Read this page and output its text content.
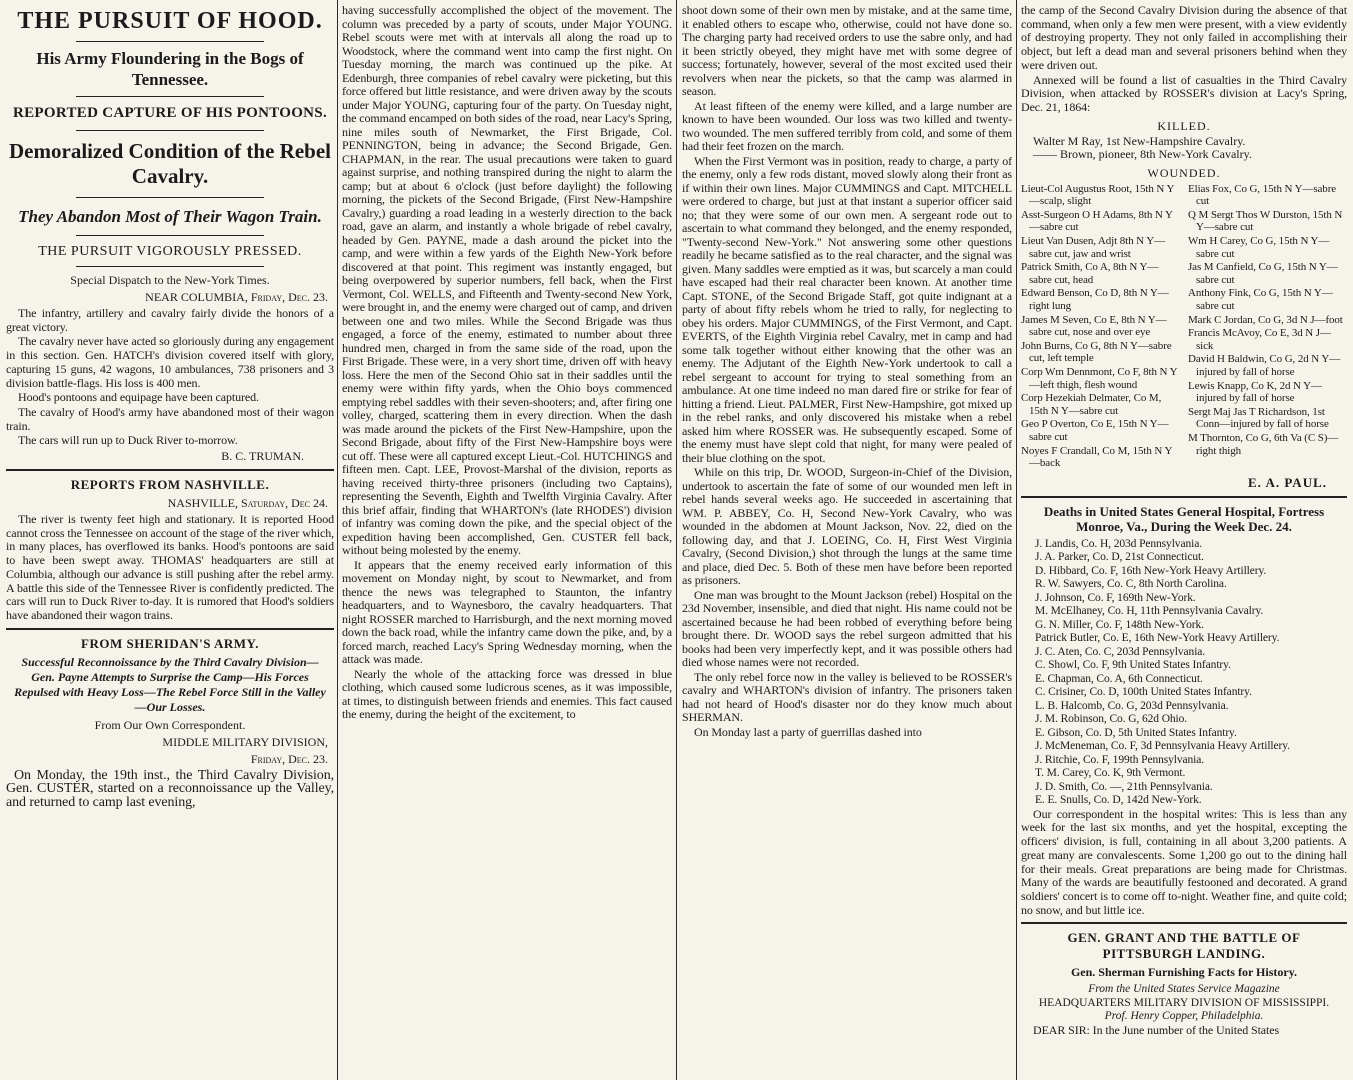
THE PURSUIT OF HOOD.
His Army Floundering in the Bogs of Tennessee.
REPORTED CAPTURE OF HIS PONTOONS.
Demoralized Condition of the Rebel Cavalry.
They Abandon Most of Their Wagon Train.
THE PURSUIT VIGOROUSLY PRESSED.
Special Dispatch to the New-York Times.
NEAR COLUMBIA, Friday, Dec. 23.

The infantry, artillery and cavalry fairly divide the honors of a great victory.

The cavalry never have acted so gloriously during any engagement in this section. Gen. HATCH's division covered itself with glory, capturing 15 guns, 42 wagons, 10 ambulances, 738 prisoners and 3 division battle-flags. His loss is 400 men.

Hood's pontoons and equipage have been captured.

The cavalry of Hood's army have abandoned most of their wagon train.

The cars will run up to Duck River to-morrow.

B. C. TRUMAN.
REPORTS FROM NASHVILLE.
NASHVILLE, Saturday, Dec 24.

The river is twenty feet high and stationary. It is reported Hood cannot cross the Tennessee on account of the stage of the river which, in many places, has overflowed its banks. Hood's pontoons are said to have been swept away. THOMAS' headquarters are still at Columbia, although our advance is still pushing after the rebel army. A battle this side of the Tennessee River is confidently predicted. The cars will run to Duck River to-day. It is rumored that Hood's soldiers have abandoned their wagon trains.

FROM SHERIDAN'S ARMY.
Successful Reconnoissance by the Third Cavalry Division—Gen. Payne Attempts to Surprise the Camp—His Forces Repulsed with Heavy Loss—The Rebel Force Still in the Valley—Our Losses.
From Our Own Correspondent.
MIDDLE MILITARY DIVISION,
Friday, Dec. 23.

On Monday, the 19th inst., the Third Cavalry Division, Gen. CUSTER, started on a reconnoissance up the Valley, and returned to camp last evening,

having successfully accomplished the object of the movement. The column was preceded by a party of scouts, under Major YOUNG. Rebel scouts were met with at intervals all along the road up to Woodstock, where the command went into camp the first night. On Tuesday morning, the march was continued up the pike. At Edenburgh, three companies of rebel cavalry were picketing, but this force offered but little resistance, and were driven away by the scouts under Major YOUNG, capturing four of the party. On Tuesday night, the command encamped on both sides of the road, near Lacy's Spring, nine miles south of Newmarket, the First Brigade, Col. PENNINGTON, being in advance; the Second Brigade, Gen. CHAPMAN, in the rear. The usual precautions were taken to guard against surprise, and nothing transpired during the night to alarm the camp; but at about 6 o'clock (just before daylight) the following morning, the pickets of the Second Brigade, (First New-Hampshire Cavalry,) guarding a road leading in a westerly direction to the back road, gave an alarm, and instantly a whole brigade of rebel cavalry, headed by Gen. PAYNE, made a dash around the picket into the camp, and were within a few yards of the Eighth New-York before discovered at that point. This regiment was instantly engaged, but being overpowered by superior numbers, fell back, when the First Vermont, Col. WELLS, and Fifteenth and Twenty-second New York, were brought in, and the enemy were charged out of camp, and driven between one and two miles. While the Second Brigade was thus engaged, a force of the enemy, estimated to number about three hundred men, charged in from the same side of the road, upon the First Brigade. These were, in a very short time, driven off with heavy loss. Here the men of the Second Ohio sat in their saddles until the enemy were within fifty yards, when the Ohio boys commenced emptying rebel saddles with their seven-shooters; and, after firing one volley, charged, scattering them in every direction. When the dash was made around the pickets of the First New-Hampshire, upon the Second Brigade, about fifty of the First New-Hampshire boys were cut off. These were all captured except Lieut.-Col. HUTCHINGS and fifteen men. Capt. LEE, Provost-Marshal of the division, reports as having received thirty-three prisoners (including two Captains), representing the Seventh, Eighth and Twelfth Virginia Cavalry. After this brief affair, finding that WHARTON's (late RHODES') division of infantry was coming down the pike, and the special object of the expedition having been accomplished, Gen. CUSTER fell back, without being molested by the enemy.

It appears that the enemy received early information of this movement on Monday night, by scout to Newmarket, and from thence the news was telegraphed to Staunton, the infantry headquarters, and to Waynesboro, the cavalry headquarters. That night ROSSER marched to Harrisburgh, and the next morning moved down the back road, while the infantry came down the pike, and, by a forced march, reached Lacy's Spring Wednesday morning, when the attack was made.

Nearly the whole of the attacking force was dressed in blue clothing, which caused some ludicrous scenes, as it was impossible, at times, to distinguish between friends and enemies. This fact caused the enemy, during the height of the excitement, to

shoot down some of their own men by mistake, and at the same time, it enabled others to escape who, otherwise, could not have done so. The charging party had received orders to use the sabre only, and had it been strictly obeyed, they might have met with some degree of success; fortunately, however, several of the most excited used their revolvers when near the pickets, so that the camp was alarmed in season.

At least fifteen of the enemy were killed, and a large number are known to have been wounded. Our loss was two killed and twenty-two wounded. The men suffered terribly from cold, and some of them had their feet frozen on the march.

When the First Vermont was in position, ready to charge, a party of the enemy, only a few rods distant, moved slowly along their front as if within their own lines. Major CUMMINGS and Capt. MITCHELL were ordered to charge, but just at that instant a superior officer said no; that they were some of our own men. A sergeant rode out to ascertain to what command they belonged, and the enemy responded, "Twenty-second New-York." Not answering some other questions readily he became satisfied as to the real character, and the signal was given. Many saddles were emptied as it was, but scarcely a man could have escaped had their real character been known. At another time Capt. STONE, of the Second Brigade Staff, got quite indignant at a party of about fifty rebels whom he tried to rally, for neglecting to obey his orders. Major CUMMINGS, of the First Vermont, and Capt. EVERTS, of the Eighth Virginia rebel Cavalry, met in camp and had some talk together without either knowing that the other was an enemy. The Adjutant of the Eighth New-York undertook to call a rebel sergeant to account for trying to steal something from an ambulance. At one time indeed no man dared fire or strike for fear of hitting a friend. Lieut. PALMER, First New-Hampshire, got mixed up in the rebel ranks, and only discovered his mistake when a rebel asked him where ROSSER was. He subsequently escaped. Some of the enemy must have slept cold that night, for many were pealed of their blue clothing on the spot.

While on this trip, Dr. WOOD, Surgeon-in-Chief of the Division, undertook to ascertain the fate of some of our wounded men left in rebel hands several weeks ago. He succeeded in ascertaining that WM. P. ABBEY, Co. H, Second New-York Cavalry, who was wounded in the abdomen at Mount Jackson, Nov. 22, died on the following day, and that J. LOEING, Co. H, First West Virginia Cavalry, (Second Division,) shot through the lungs at the same time and place, died Dec. 5. Both of these men have before been reported as prisoners.

One man was brought to the Mount Jackson (rebel) Hospital on the 23d November, insensible, and died that night. His name could not be ascertained because he had been robbed of everything before being brought there. Dr. WOOD says the rebel surgeon admitted that his books had been very imperfectly kept, and it was possible others had died whose names were not recorded.

The only rebel force now in the valley is believed to be ROSSER's cavalry and WHARTON's division of infantry. The prisoners taken had not heard of Hood's disaster nor do they know much about SHERMAN.

On Monday last a party of guerrillas dashed into

the camp of the Second Cavalry Division during the absence of that command, when only a few men were present, with a view evidently of destroying property. They not only failed in accomplishing their object, but left a dead man and several prisoners behind when they were driven out.

Annexed will be found a list of casualties in the Third Cavalry Division, when attacked by ROSSER's division at Lacy's Spring, Dec. 21, 1864:

KILLED.
Walter M Ray, 1st New-Hampshire Cavalry.
—— Brown, pioneer, 8th New-York Cavalry.
WOUNDED.

Lieut-Col Augustus Root, 15th N Y—scalp, slight

Asst-Surgeon O H Adams, 8th N Y—sabre cut

Lieut Van Dusen, Adjt 8th N Y—sabre cut, jaw and wrist

Patrick Smith, Co A, 8th N Y—sabre cut, head

Edward Benson, Co D, 8th N Y—right lung

James M Seven, Co E, 8th N Y—sabre cut, nose and over eye

John Burns, Co G, 8th N Y—sabre cut, left temple

Corp Wm Dennmont, Co F, 8th N Y—left thigh, flesh wound

Corp Hezekiah Delmater, Co M, 15th N Y—sabre cut

Geo P Overton, Co E, 15th N Y—sabre cut

Noyes F Crandall, Co M, 15th N Y—back

Elias Fox, Co G, 15th N Y—sabre cut

Q M Sergt Thos W Durston, 15th N Y—sabre cut

Wm H Carey, Co G, 15th N Y—sabre cut

Jas M Canfield, Co G, 15th N Y—sabre cut

Anthony Fink, Co G, 15th N Y—sabre cut

Mark C Jordan, Co G, 3d N J—foot

Francis McAvoy, Co E, 3d N J—sick

David H Baldwin, Co G, 2d N Y—injured by fall of horse

Lewis Knapp, Co K, 2d N Y—injured by fall of horse

Sergt Maj Jas T Richardson, 1st Conn—injured by fall of horse

M Thornton, Co G, 6th Va (C S)—right thigh

E. A. PAUL.
Deaths in United States General Hospital, Fortress Monroe, Va., During the Week Dec. 24.

J. Landis, Co. H, 203d Pennsylvania.

J. A. Parker, Co. D, 21st Connecticut.

D. Hibbard, Co. F, 16th New-York Heavy Artillery.

R. W. Sawyers, Co. C, 8th North Carolina.

J. Johnson, Co. F, 169th New-York.

M. McElhaney, Co. H, 11th Pennsylvania Cavalry.

G. N. Miller, Co. F, 148th New-York.

Patrick Butler, Co. E, 16th New-York Heavy Artillery.

J. C. Aten, Co. C, 203d Pennsylvania.

C. Showl, Co. F, 9th United States Infantry.

E. Chapman, Co. A, 6th Connecticut.

C. Crisiner, Co. D, 100th United States Infantry.

L. B. Halcomb, Co. G, 203d Pennsylvania.

J. M. Robinson, Co. G, 62d Ohio.

E. Gibson, Co. D, 5th United States Infantry.

J. McMeneman, Co. F, 3d Pennsylvania Heavy Artillery.

J. Ritchie, Co. F, 199th Pennsylvania.

T. M. Carey, Co. K, 9th Vermont.

J. D. Smith, Co. —, 21th Pennsylvania.

E. E. Snulls, Co. D, 142d New-York.

Our correspondent in the hospital writes: This is less than any week for the last six months, and yet the hospital, excepting the officers' division, is full, containing in all about 3,200 patients. A great many are convalescents. Some 1,200 go out to the dining hall for their meals. Great preparations are being made for Christmas. Many of the wards are beautifully festooned and decorated. A grand soldiers' concert is to come off to-night. Weather fine, and quite cold; no snow, and but little ice.

GEN. GRANT AND THE BATTLE OF PITTSBURGH LANDING.
Gen. Sherman Furnishing Facts for History.
From the United States Service Magazine
HEADQUARTERS MILITARY DIVISION OF MISSISSIPPI.
Prof. Henry Copper, Philadelphia.

DEAR SIR: In the June number of the United States
